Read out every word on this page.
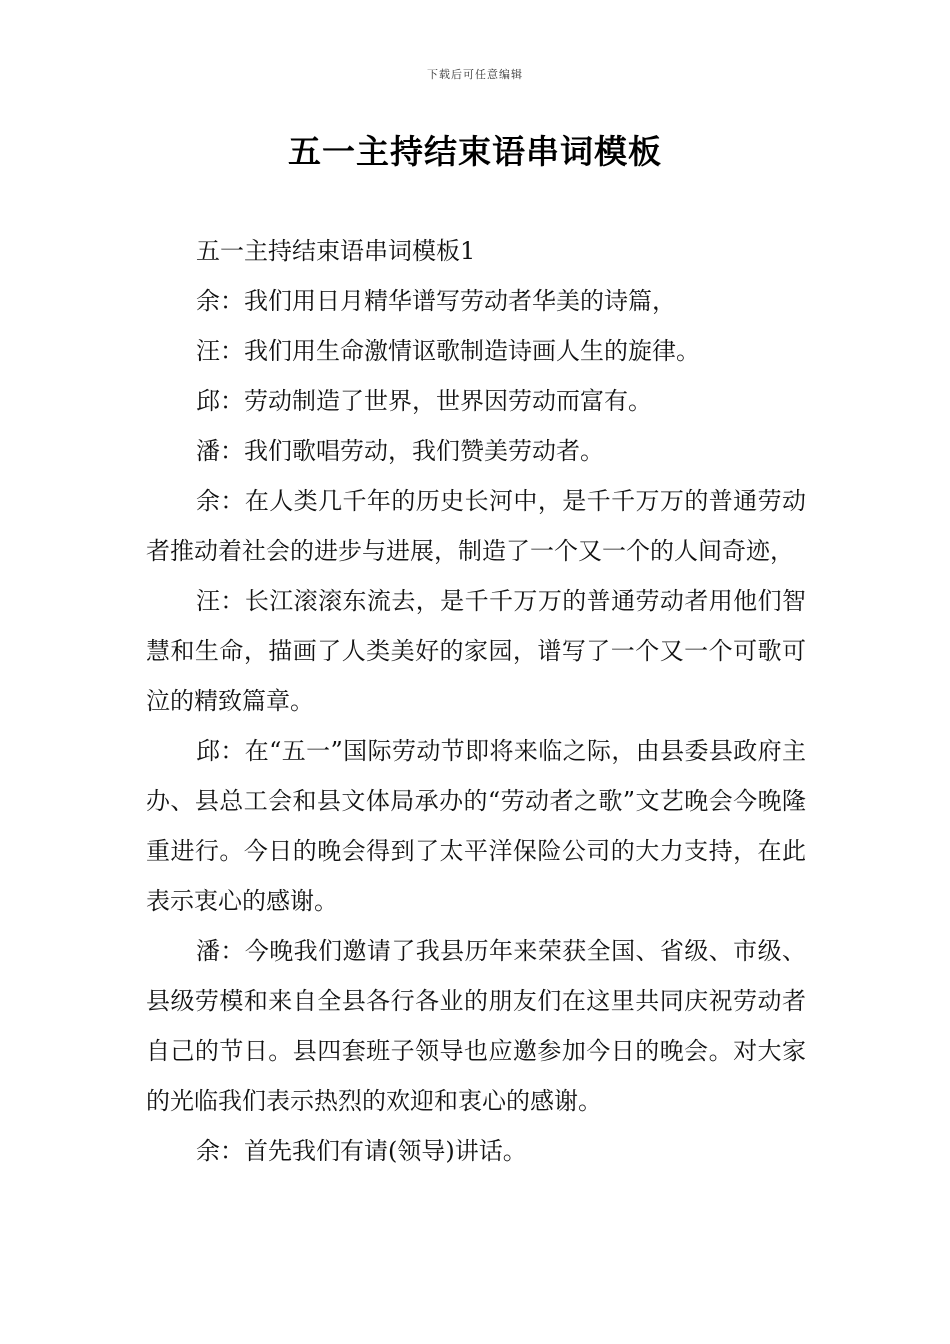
下载后可任意编辑
五一主持结束语串词模板

五一主持结束语串词模板1

余：我们用日月精华谱写劳动者华美的诗篇，

汪：我们用生命激情讴歌制造诗画人生的旋律。

邱：劳动制造了世界，世界因劳动而富有。

潘：我们歌唱劳动，我们赞美劳动者。

余：在人类几千年的历史长河中，是千千万万的普通劳动者推动着社会的进步与进展，制造了一个又一个的人间奇迹，

汪：长江滚滚东流去，是千千万万的普通劳动者用他们智慧和生命，描画了人类美好的家园，谱写了一个又一个可歌可泣的精致篇章。

邱：在“五一”国际劳动节即将来临之际，由县委县政府主办、县总工会和县文体局承办的“劳动者之歌”文艺晚会今晚隆重进行。今日的晚会得到了太平洋保险公司的大力支持，在此表示衷心的感谢。

潘：今晚我们邀请了我县历年来荣获全国、省级、市级、县级劳模和来自全县各行各业的朋友们在这里共同庆祝劳动者自己的节日。县四套班子领导也应邀参加今日的晚会。对大家的光临我们表示热烈的欢迎和衷心的感谢。

余：首先我们有请(领导)讲话。
